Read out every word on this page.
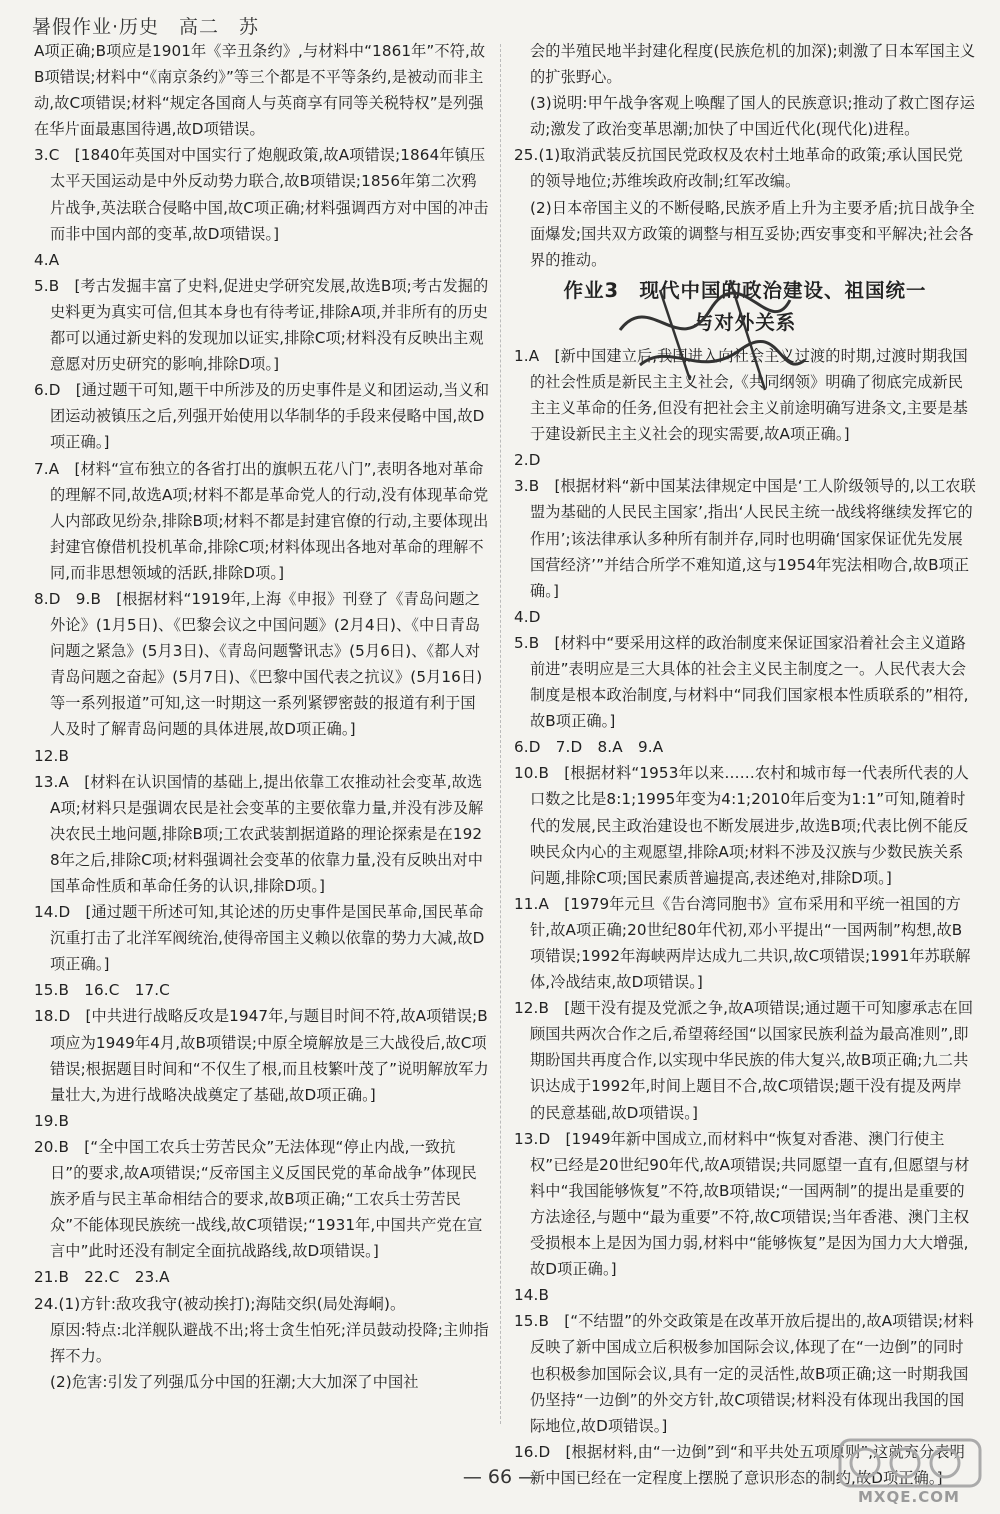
暑假作业·历史　高二　苏
A项正确;B项应是1901年《辛丑条约》,与材料中“1861年”不符,故B项错误;材料中“《南京条约》”等三个都是不平等条约,是被动而非主动,故C项错误;材料“规定各国商人与英商享有同等关税特权”是列强在华片面最惠国待遇,故D项错误。
3.C　[1840年英国对中国实行了炮舰政策,故A项错误;1864年镇压太平天国运动是中外反动势力联合,故B项错误;1856年第二次鸦片战争,英法联合侵略中国,故C项正确;材料强调西方对中国的冲击而非中国内部的变革,故D项错误。]
4.A
5.B　[考古发掘丰富了史料,促进史学研究发展,故选B项;考古发掘的史料更为真实可信,但其本身也有待考证,排除A项,并非所有的历史都可以通过新史料的发现加以证实,排除C项;材料没有反映出主观意愿对历史研究的影响,排除D项。]
6.D　[通过题干可知,题干中所涉及的历史事件是义和团运动,当义和团运动被镇压之后,列强开始使用以华制华的手段来侵略中国,故D项正确。]
7.A　[材料“宣布独立的各省打出的旗帜五花八门”,表明各地对革命的理解不同,故选A项;材料不都是革命党人的行动,没有体现革命党人内部政见纷杂,排除B项;材料不都是封建官僚的行动,主要体现出封建官僚借机投机革命,排除C项;材料体现出各地对革命的理解不同,而非思想领域的活跃,排除D项。]
8.D　9.B　[根据材料“1919年,上海《申报》刊登了《青岛问题之外论》(1月5日)、《巴黎会议之中国问题》(2月4日)、《中日青岛问题之紧急》(5月3日)、《青岛问题警讯志》(5月6日)、《都人对青岛问题之奋起》(5月7日)、《巴黎中国代表之抗议》(5月16日)等一系列报道”可知,这一时期这一系列紧锣密鼓的报道有利于国人及时了解青岛问题的具体进展,故D项正确。]
12.B
13.A　[材料在认识国情的基础上,提出依靠工农推动社会变革,故选A项;材料只是强调农民是社会变革的主要依靠力量,并没有涉及解决农民土地问题,排除B项;工农武装割据道路的理论探索是在1928年之后,排除C项;材料强调社会变革的依靠力量,没有反映出对中国革命性质和革命任务的认识,排除D项。]
14.D　[通过题干所述可知,其论述的历史事件是国民革命,国民革命沉重打击了北洋军阀统治,使得帝国主义赖以依靠的势力大减,故D项正确。]
15.B　16.C　17.C
18.D　[中共进行战略反攻是1947年,与题目时间不符,故A项错误;B项应为1949年4月,故B项错误;中原全境解放是三大战役后,故C项错误;根据题目时间和“不仅生了根,而且枝繁叶茂了”说明解放军力量壮大,为进行战略决战奠定了基础,故D项正确。]
19.B
20.B　[“全中国工农兵士劳苦民众”无法体现“停止内战,一致抗日”的要求,故A项错误;“反帝国主义反国民党的革命战争”体现民族矛盾与民主革命相结合的要求,故B项正确;“工农兵士劳苦民众”不能体现民族统一战线,故C项错误;“1931年,中国共产党在宣言中”此时还没有制定全面抗战路线,故D项错误。]
21.B　22.C　23.A
24.(1)方针:敌攻我守(被动挨打);海陆交织(局处海峒)。
原因:特点:北洋舰队避战不出;将士贪生怕死;洋员鼓动投降;主帅指挥不力。
(2)危害:引发了列强瓜分中国的狂潮;大大加深了中国社
会的半殖民地半封建化程度(民族危机的加深);刺激了日本军国主义的扩张野心。
(3)说明:甲午战争客观上唤醒了国人的民族意识;推动了救亡图存运动;激发了政治变革思潮;加快了中国近代化(现代化)进程。
25.(1)取消武装反抗国民党政权及农村土地革命的政策;承认国民党的领导地位;苏维埃政府改制;红军改编。
(2)日本帝国主义的不断侵略,民族矛盾上升为主要矛盾;抗日战争全面爆发;国共双方政策的调整与相互妥协;西安事变和平解决;社会各界的推动。
作业3　现代中国的政治建设、祖国统一
与对外关系
1.A　[新中国建立后,我国进入向社会主义过渡的时期,过渡时期我国的社会性质是新民主主义社会,《共同纲领》明确了彻底完成新民主主义革命的任务,但没有把社会主义前途明确写进条文,主要是基于建设新民主主义社会的现实需要,故A项正确。]
2.D
3.B　[根据材料“新中国某法律规定中国是‘工人阶级领导的,以工农联盟为基础的人民民主国家’,指出‘人民民主统一战线将继续发挥它的作用’;该法律承认多种所有制并存,同时也明确‘国家保证优先发展国营经济’”并结合所学不难知道,这与1954年宪法相吻合,故B项正确。]
4.D
5.B　[材料中“要采用这样的政治制度来保证国家沿着社会主义道路前进”表明应是三大具体的社会主义民主制度之一。人民代表大会制度是根本政治制度,与材料中“同我们国家根本性质联系的”相符,故B项正确。]
6.D　7.D　8.A　9.A
10.B　[根据材料“1953年以来……农村和城市每一代表所代表的人口数之比是8:1;1995年变为4:1;2010年后变为1:1”可知,随着时代的发展,民主政治建设也不断发展进步,故选B项;代表比例不能反映民众内心的主观愿望,排除A项;材料不涉及汉族与少数民族关系问题,排除C项;国民素质普遍提高,表述绝对,排除D项。]
11.A　[1979年元旦《告台湾同胞书》宣布采用和平统一祖国的方针,故A项正确;20世纪80年代初,邓小平提出“一国两制”构想,故B项错误;1992年海峡两岸达成九二共识,故C项错误;1991年苏联解体,冷战结束,故D项错误。]
12.B　[题干没有提及党派之争,故A项错误;通过题干可知廖承志在回顾国共两次合作之后,希望蒋经国“以国家民族利益为最高准则”,即期盼国共再度合作,以实现中华民族的伟大复兴,故B项正确;九二共识达成于1992年,时间上题目不合,故C项错误;题干没有提及两岸的民意基础,故D项错误。]
13.D　[1949年新中国成立,而材料中“恢复对香港、澳门行使主权”已经是20世纪90年代,故A项错误;共同愿望一直有,但愿望与材料中“我国能够恢复”不符,故B项错误;“一国两制”的提出是重要的方法途径,与题中“最为重要”不符,故C项错误;当年香港、澳门主权受损根本上是因为国力弱,材料中“能够恢复”是因为国力大大增强,故D项正确。]
14.B
15.B　[“不结盟”的外交政策是在改革开放后提出的,故A项错误;材料反映了新中国成立后积极参加国际会议,体现了在“一边倒”的同时也积极参加国际会议,具有一定的灵活性,故B项正确;这一时期我国仍坚持“一边倒”的外交方针,故C项错误;材料没有体现出我国的国际地位,故D项错误。]
16.D　[根据材料,由“一边倒”到“和平共处五项原则”,这就充分表明新中国已经在一定程度上摆脱了意识形态的制约,故D项正确。]
— 66 —
MXQE.COM
